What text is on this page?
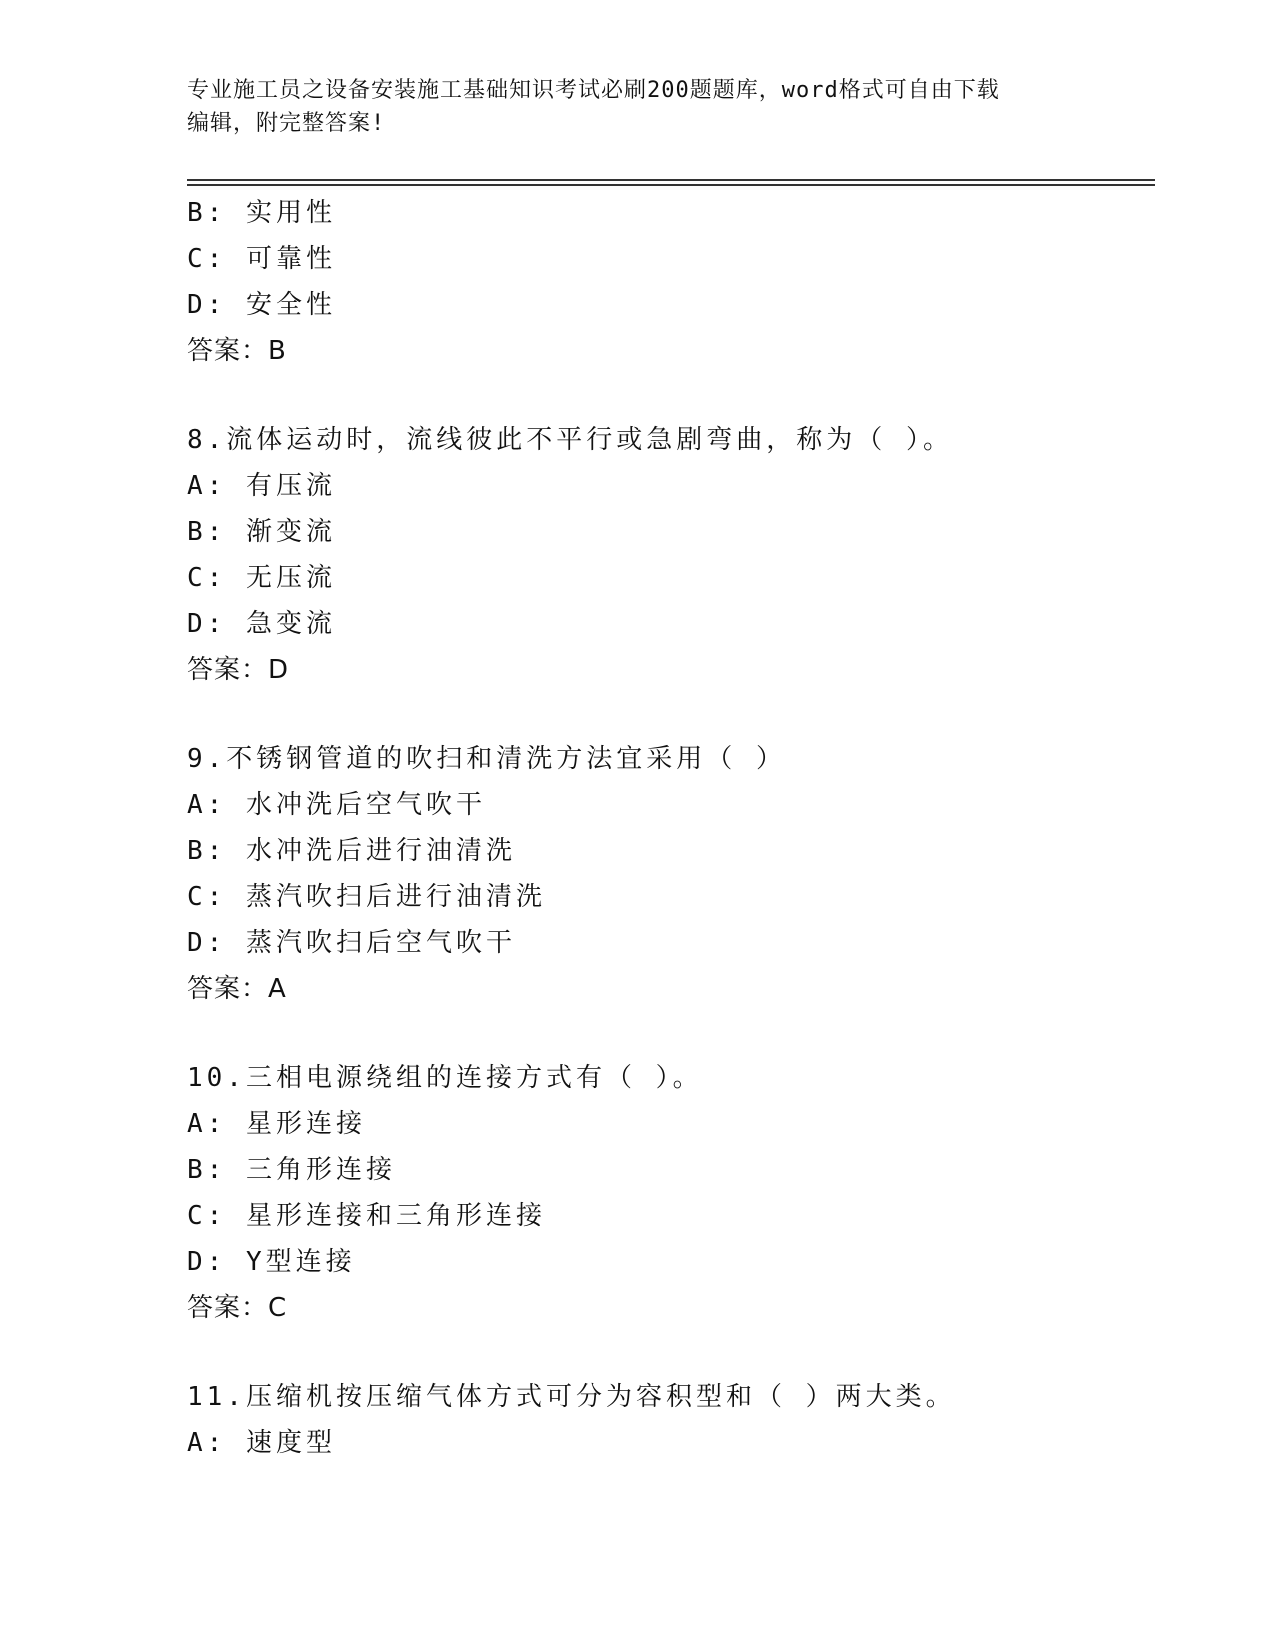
专业施工员之设备安装施工基础知识考试必刷200题题库，word格式可自由下载
编辑，附完整答案!
B: 实用性
C: 可靠性
D: 安全性
答案：B
8.流体运动时，流线彼此不平行或急剧弯曲，称为（ ）。
A: 有压流
B: 渐变流
C: 无压流
D: 急变流
答案：D
9.不锈钢管道的吹扫和清洗方法宜采用（ ）
A: 水冲洗后空气吹干
B: 水冲洗后进行油清洗
C: 蒸汽吹扫后进行油清洗
D: 蒸汽吹扫后空气吹干
答案：A
10.三相电源绕组的连接方式有（ ）。
A: 星形连接
B: 三角形连接
C: 星形连接和三角形连接
D: Y型连接
答案：C
11.压缩机按压缩气体方式可分为容积型和（ ）两大类。
A: 速度型
